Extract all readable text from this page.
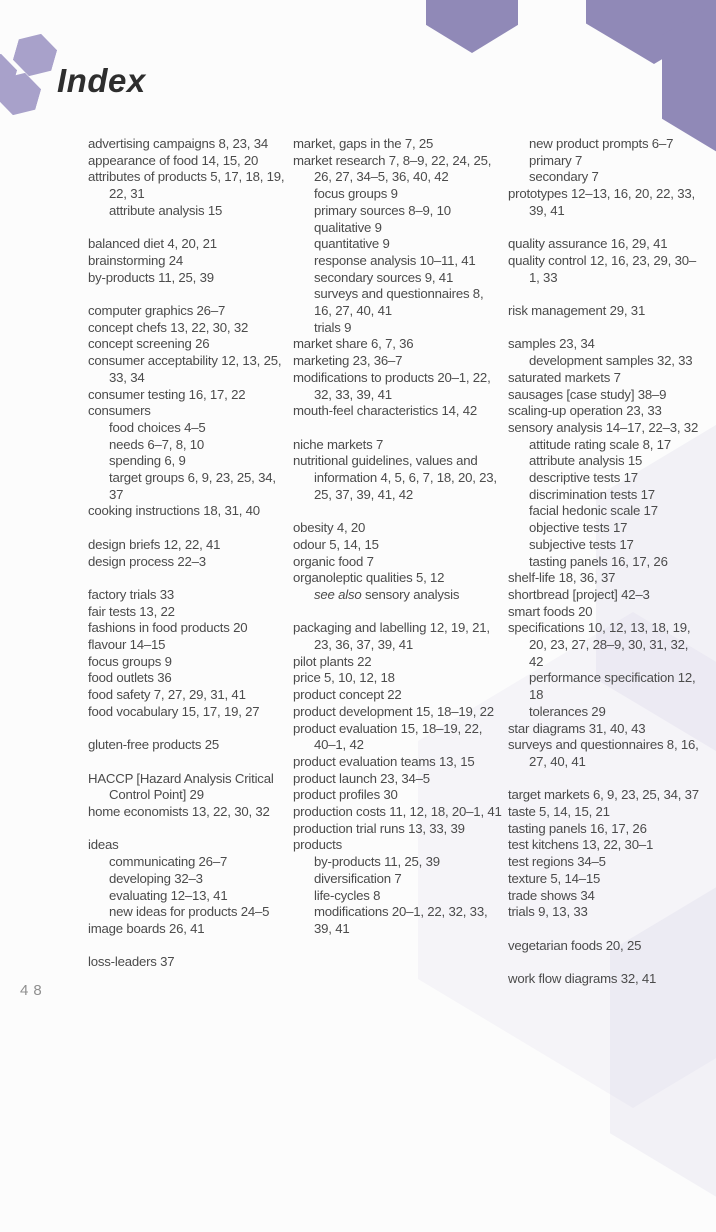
Index

advertising campaigns 8, 23, 34

appearance of food 14, 15, 20

attributes of products 5, 17, 18, 19, 22, 31

attribute analysis 15

balanced diet 4, 20, 21

brainstorming 24

by-products 11, 25, 39

computer graphics 26–7

concept chefs 13, 22, 30, 32

concept screening 26

consumer acceptability 12, 13, 25, 33, 34

consumer testing 16, 17, 22

consumers

food choices 4–5

needs 6–7, 8, 10

spending 6, 9

target groups 6, 9, 23, 25, 34, 37

cooking instructions 18, 31, 40

design briefs 12, 22, 41

design process 22–3

factory trials 33

fair tests 13, 22

fashions in food products 20

flavour 14–15

focus groups 9

food outlets 36

food safety 7, 27, 29, 31, 41

food vocabulary 15, 17, 19, 27

gluten-free products 25

HACCP [Hazard Analysis Critical Control Point] 29

home economists 13, 22, 30, 32

ideas

communicating 26–7

developing 32–3

evaluating 12–13, 41

new ideas for products 24–5

image boards 26, 41

loss-leaders 37

market, gaps in the 7, 25

market research 7, 8–9, 22, 24, 25, 26, 27, 34–5, 36, 40, 42

focus groups 9

primary sources 8–9, 10

qualitative 9

quantitative 9

response analysis 10–11, 41

secondary sources 9, 41

surveys and questionnaires 8, 16, 27, 40, 41

trials 9

market share 6, 7, 36

marketing 23, 36–7

modifications to products 20–1, 22, 32, 33, 39, 41

mouth-feel characteristics 14, 42

niche markets 7

nutritional guidelines, values and information 4, 5, 6, 7, 18, 20, 23, 25, 37, 39, 41, 42

obesity 4, 20

odour 5, 14, 15

organic food 7

organoleptic qualities 5, 12

see also sensory analysis

packaging and labelling 12, 19, 21, 23, 36, 37, 39, 41

pilot plants 22

price 5, 10, 12, 18

product concept 22

product development 15, 18–19, 22

product evaluation 15, 18–19, 22, 40–1, 42

product evaluation teams 13, 15

product launch 23, 34–5

product profiles 30

production costs 11, 12, 18, 20–1, 41

production trial runs 13, 33, 39

products

by-products 11, 25, 39

diversification 7

life-cycles 8

modifications 20–1, 22, 32, 33, 39, 41

new product prompts 6–7

primary 7

secondary 7

prototypes 12–13, 16, 20, 22, 33, 39, 41

quality assurance 16, 29, 41

quality control 12, 16, 23, 29, 30–1, 33

risk management 29, 31

samples 23, 34

development samples 32, 33

saturated markets 7

sausages [case study] 38–9

scaling-up operation 23, 33

sensory analysis 14–17, 22–3, 32

attitude rating scale 8, 17

attribute analysis 15

descriptive tests 17

discrimination tests 17

facial hedonic scale 17

objective tests 17

subjective tests 17

tasting panels 16, 17, 26

shelf-life 18, 36, 37

shortbread [project] 42–3

smart foods 20

specifications 10, 12, 13, 18, 19, 20, 23, 27, 28–9, 30, 31, 32, 42

performance specification 12, 18

tolerances 29

star diagrams 31, 40, 43

surveys and questionnaires 8, 16, 27, 40, 41

target markets 6, 9, 23, 25, 34, 37

taste 5, 14, 15, 21

tasting panels 16, 17, 26

test kitchens 13, 22, 30–1

test regions 34–5

texture 5, 14–15

trade shows 34

trials 9, 13, 33

vegetarian foods 20, 25

work flow diagrams 32, 41

48
